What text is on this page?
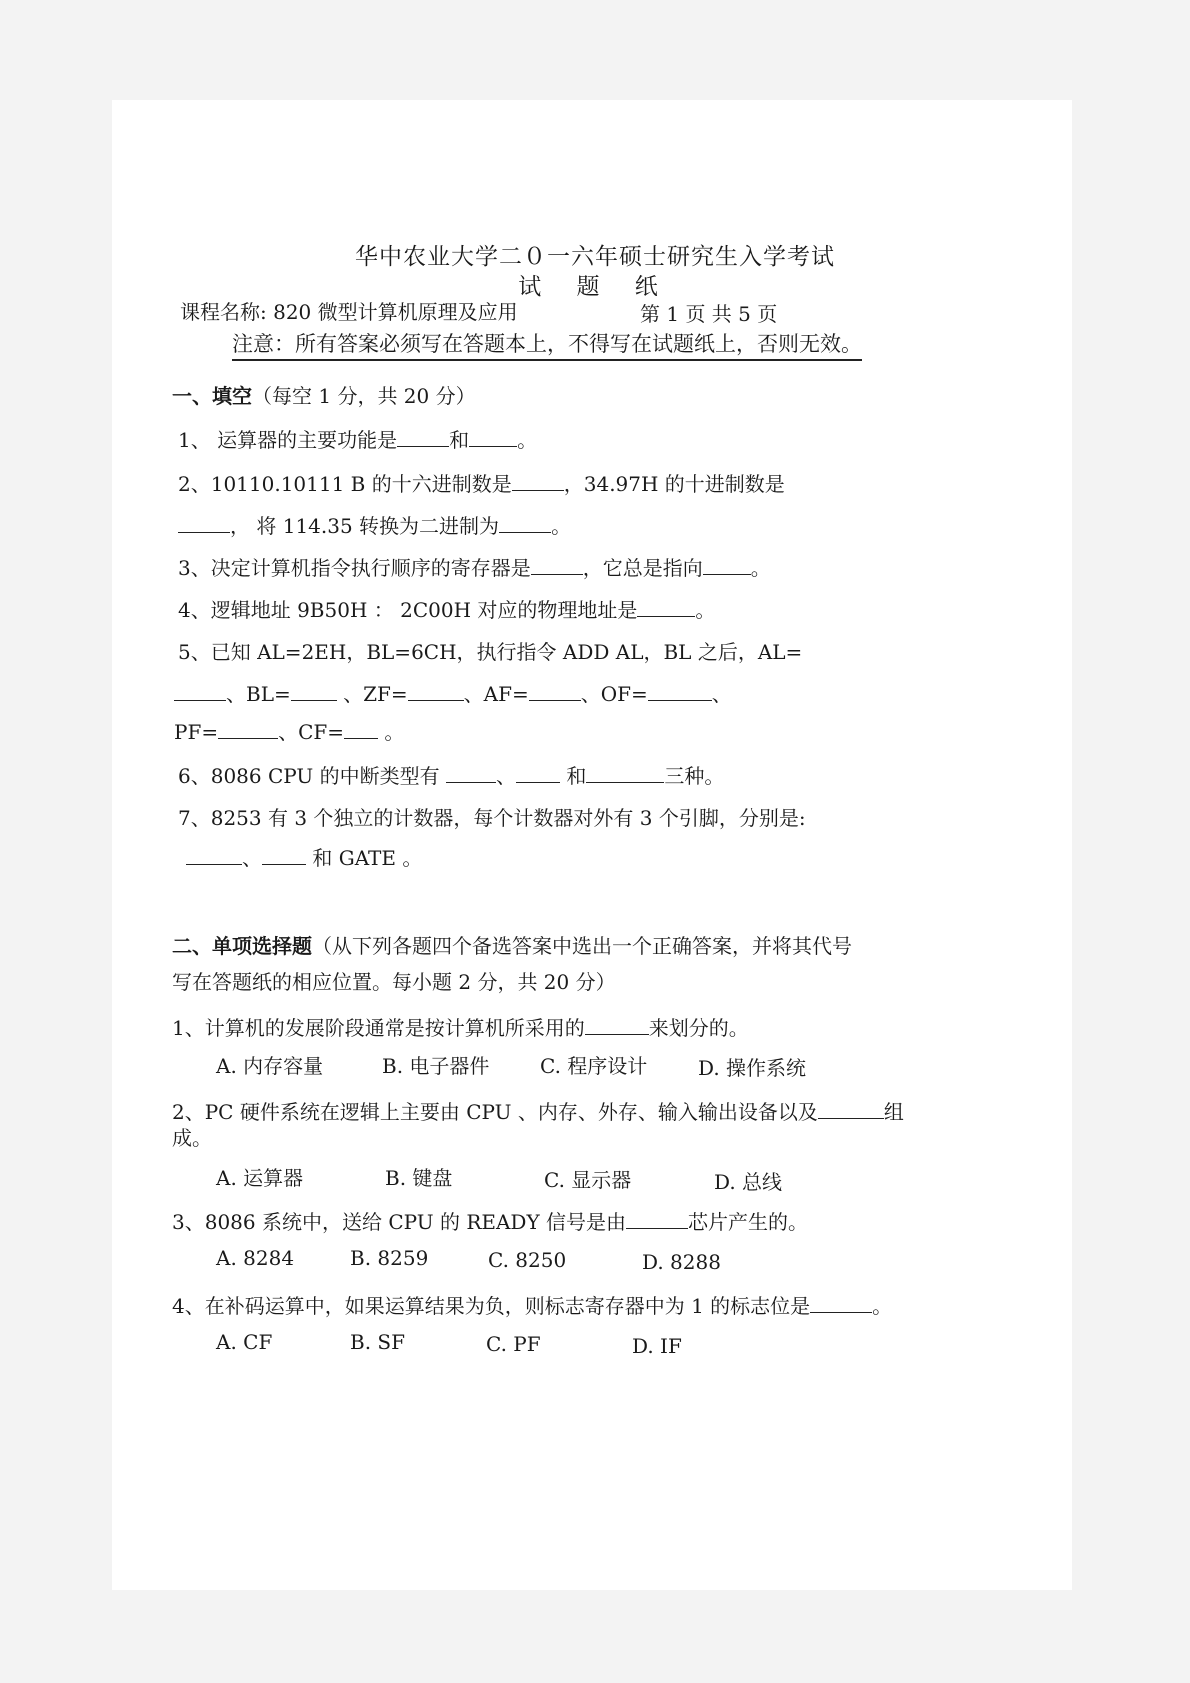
华中农业大学二０一六年硕士研究生入学考试
试 题 纸
课程名称: 820 微型计算机原理及应用	第 1 页 共 5 页
注意：所有答案必须写在答题本上，不得写在试题纸上，否则无效。
一、填空（每空 1 分，共 20 分）
1、 运算器的主要功能是	和 。
2、10110.10111 B 的十六进制数是	，34.97H 的十进制数是
， 将 114.35 转换为二进制为	。
3、决定计算机指令执行顺序的寄存器是	，它总是指向 。
4、逻辑地址 9B50H ： 2C00H 对应的物理地址是	。
5、已知 AL=2EH，BL=6CH，执行指令 ADD AL，BL 之后，AL=
、BL= 、ZF=	、AF=	、OF=	、
PF=	、CF= 。
6、8086 CPU 的中断类型有	、 和	三种。
7、8253 有 3 个独立的计数器，每个计数器对外有 3 个引脚，分别是:
、 和 GATE 。
二、单项选择题（从下列各题四个备选答案中选出一个正确答案，并将其代号
写在答题纸的相应位置。每小题 2 分，共 20 分）
1、计算机的发展阶段通常是按计算机所采用的	来划分的。
A. 内存容量	B. 电子器件	C. 程序设计	D. 操作系统
2、PC 硬件系统在逻辑上主要由 CPU 、内存、外存、输入输出设备以及	组
成。
A. 运算器	B. 键盘	C. 显示器	D. 总线
3、8086 系统中，送给 CPU 的 READY 信号是由	芯片产生的。
A. 8284	B. 8259	C. 8250	D. 8288
4、在补码运算中，如果运算结果为负，则标志寄存器中为 1 的标志位是	。
A. CF	B. SF	C. PF	D. IF
